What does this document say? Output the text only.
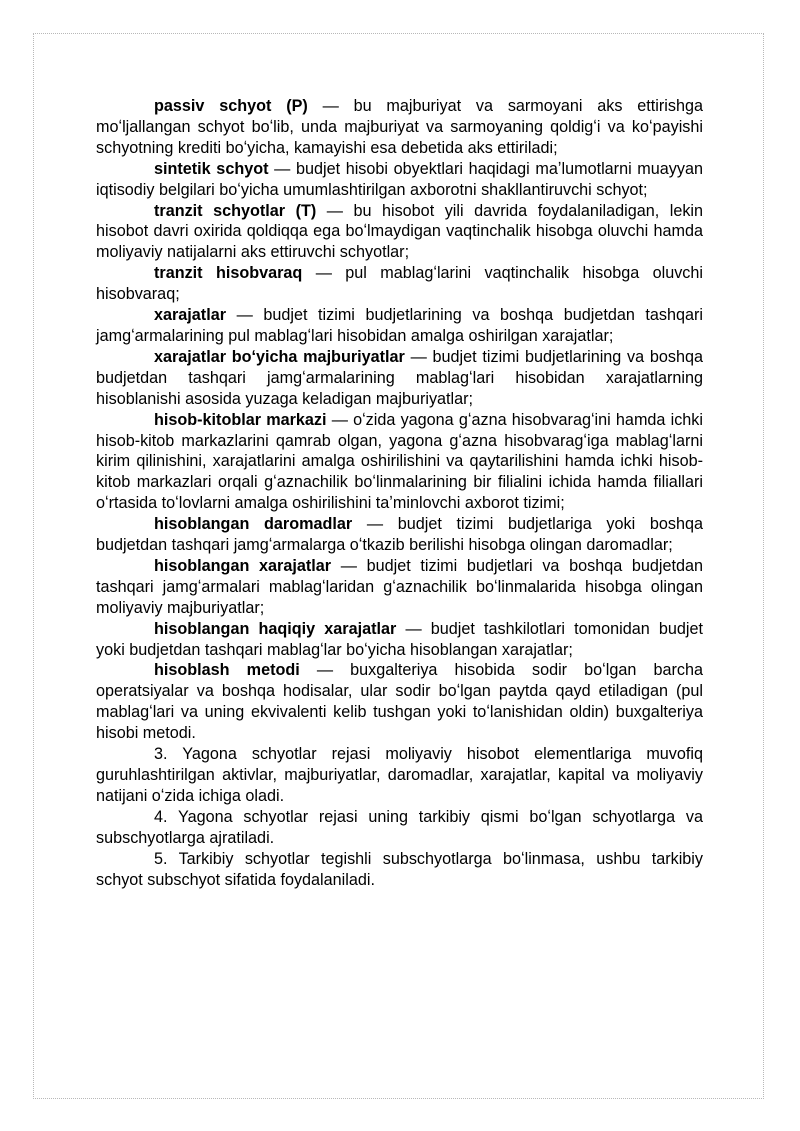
passiv schyot (P) — bu majburiyat va sarmoyani aks ettirishga moʻljallangan schyot boʻlib, unda majburiyat va sarmoyaning qoldigʻi va koʻpayishi schyotning krediti boʻyicha, kamayishi esa debetida aks ettiriladi;

sintetik schyot — budjet hisobi obyektlari haqidagi maʼlumotlarni muayyan iqtisodiy belgilari boʻyicha umumlashtirilgan axborotni shakllantiruvchi schyot;

tranzit schyotlar (T) — bu hisobot yili davrida foydalaniladigan, lekin hisobot davri oxirida qoldiqqa ega boʻlmaydigan vaqtinchalik hisobga oluvchi hamda moliyaviy natijalarni aks ettiruvchi schyotlar;

tranzit hisobvaraq — pul mablagʻlarini vaqtinchalik hisobga oluvchi hisobvaraq;

xarajatlar — budjet tizimi budjetlarining va boshqa budjetdan tashqari jamgʻarmalarining pul mablagʻlari hisobidan amalga oshirilgan xarajatlar;

xarajatlar boʻyicha majburiyatlar — budjet tizimi budjetlarining va boshqa budjetdan tashqari jamgʻarmalarining mablagʻlari hisobidan xarajatlarning hisoblanishi asosida yuzaga keladigan majburiyatlar;

hisob-kitoblar markazi — oʻzida yagona gʻazna hisobvaragʻini hamda ichki hisob-kitob markazlarini qamrab olgan, yagona gʻazna hisobvaragʻiga mablagʻlarni kirim qilinishini, xarajatlarini amalga oshirilishini va qaytarilishini hamda ichki hisob-kitob markazlari orqali gʻaznachilik boʻlinmalarining bir filialini ichida hamda filiallari oʻrtasida toʻlovlarni amalga oshirilishini taʼminlovchi axborot tizimi;

hisoblangan daromadlar — budjet tizimi budjetlariga yoki boshqa budjetdan tashqari jamgʻarmalarga oʻtkazib berilishi hisobga olingan daromadlar;

hisoblangan xarajatlar — budjet tizimi budjetlari va boshqa budjetdan tashqari jamgʻarmalari mablagʻlaridan gʻaznachilik boʻlinmalarida hisobga olingan moliyaviy majburiyatlar;

hisoblangan haqiqiy xarajatlar — budjet tashkilotlari tomonidan budjet yoki budjetdan tashqari mablagʻlar boʻyicha hisoblangan xarajatlar;

hisoblash metodi — buxgalteriya hisobida sodir boʻlgan barcha operatsiyalar va boshqa hodisalar, ular sodir boʻlgan paytda qayd etiladigan (pul mablagʻlari va uning ekvivalenti kelib tushgan yoki toʻlanishidan oldin) buxgalteriya hisobi metodi.

3. Yagona schyotlar rejasi moliyaviy hisobot elementlariga muvofiq guruhlashtirilgan aktivlar, majburiyatlar, daromadlar, xarajatlar, kapital va moliyaviy natijani oʻzida ichiga oladi.

4. Yagona schyotlar rejasi uning tarkibiy qismi boʻlgan schyotlarga va subschyotlarga ajratiladi.

5. Tarkibiy schyotlar tegishli subschyotlarga boʻlinmasa, ushbu tarkibiy schyot subschyot sifatida foydalaniladi.
